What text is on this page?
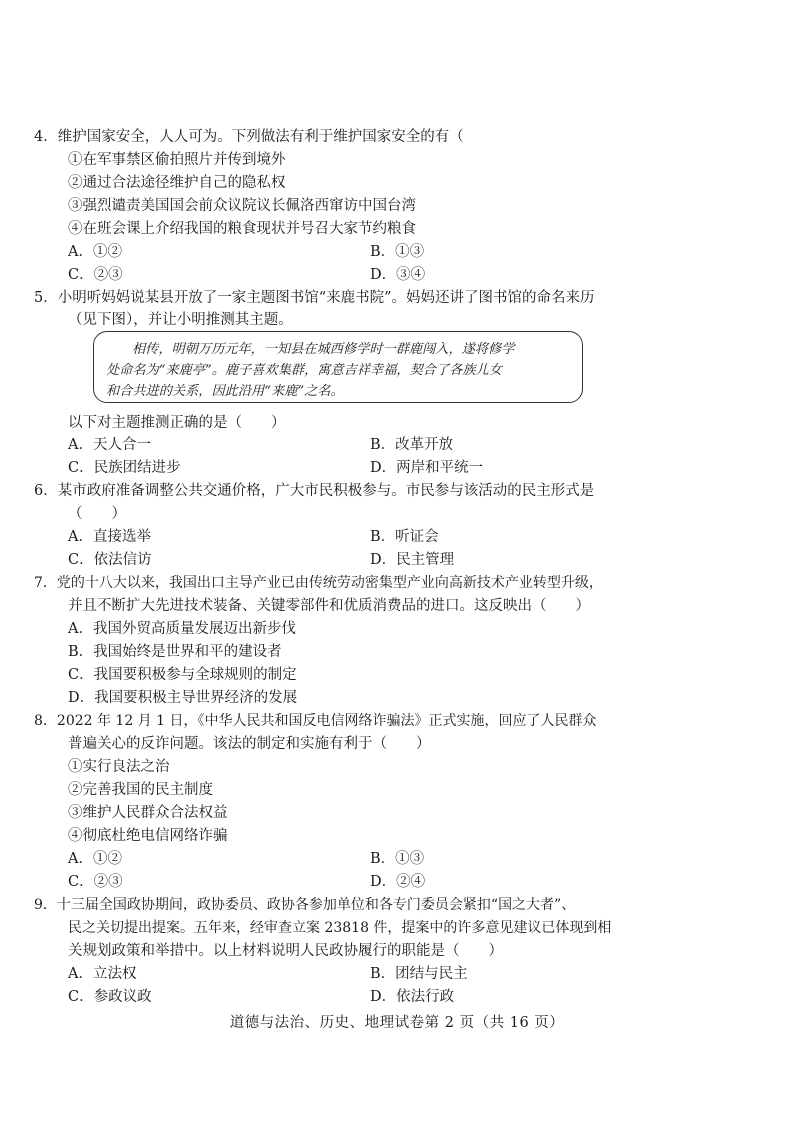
4．维护国家安全，人人可为。下列做法有利于维护国家安全的有（
①在军事禁区偷拍照片并传到境外
②通过合法途径维护自己的隐私权
③强烈谴责美国国会前众议院议长佩洛西窜访中国台湾
④在班会课上介绍我国的粮食现状并号召大家节约粮食
A．①②	B．①③
C．②③	D．③④
5．小明听妈妈说某县开放了一家主题图书馆“来鹿书院”。妈妈还讲了图书馆的命名来历
（见下图），并让小明推测其主题。

相传，明朝万历元年，一知县在城西修学时一群鹿闯入，遂将修学

处命名为“来鹿亭”。鹿子喜欢集群，寓意吉祥幸福，契合了各族儿女

和合共进的关系，因此沿用“来鹿”之名。

以下对主题推测正确的是（　　）
A．天人合一	B．改革开放
C．民族团结进步	D．两岸和平统一
6．某市政府准备调整公共交通价格，广大市民积极参与。市民参与该活动的民主形式是
（　　）
A．直接选举	B．听证会
C．依法信访	D．民主管理
7．党的十八大以来，我国出口主导产业已由传统劳动密集型产业向高新技术产业转型升级，
并且不断扩大先进技术装备、关键零部件和优质消费品的进口。这反映出（　　）
A．我国外贸高质量发展迈出新步伐
B．我国始终是世界和平的建设者
C．我国要积极参与全球规则的制定
D．我国要积极主导世界经济的发展
8．2022 年 12 月 1 日，《中华人民共和国反电信网络诈骗法》正式实施，回应了人民群众
普遍关心的反诈问题。该法的制定和实施有利于（　　）
①实行良法之治
②完善我国的民主制度
③维护人民群众合法权益
④彻底杜绝电信网络诈骗
A．①②	B．①③
C．②③	D．②④
9．十三届全国政协期间，政协委员、政协各参加单位和各专门委员会紧扣“国之大者”、
民之关切提出提案。五年来，经审查立案 23818 件，提案中的许多意见建议已体现到相
关规划政策和举措中。以上材料说明人民政协履行的职能是（　　）
A．立法权	B．团结与民主
C．参政议政	D．依法行政
道德与法治、历史、地理试卷第 2 页（共 16 页）
